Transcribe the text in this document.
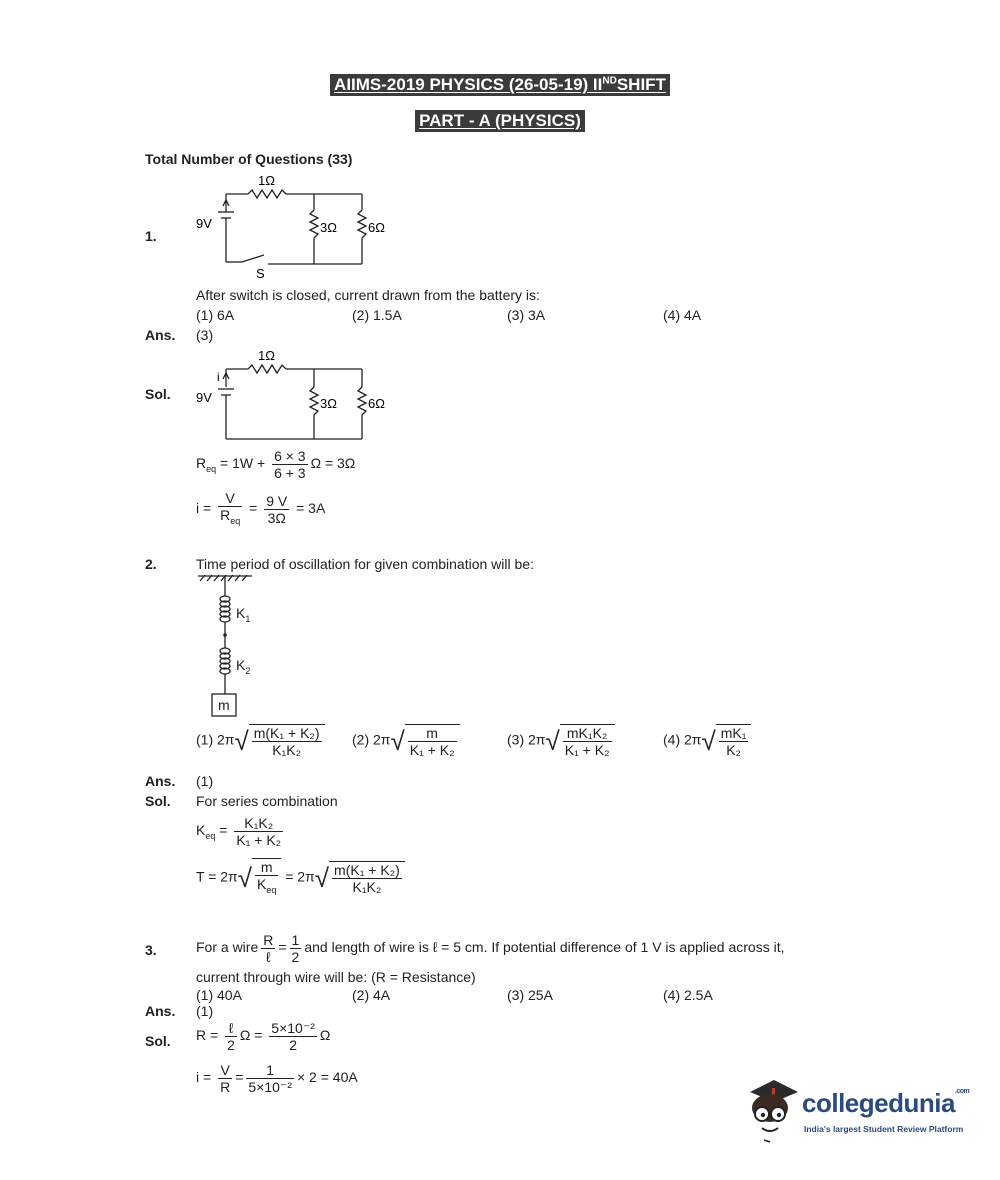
AIIMS-2019 PHYSICS (26-05-19) IINDSHIFT
PART - A (PHYSICS)
Total Number of Questions (33)
1.
1Ω
9V	3Ω 6Ω
S
After switch is closed, current drawn from the battery is:
(1) 6A	(2) 1.5A	(3) 3A	(4) 4A
Ans. (3)
Sol.
1Ω
i
9V	3Ω 6Ω
$R_{eq} = 1W + \frac{6 \times 3}{6 + 3}$ Ω = 3Ω
$i = \frac{V}{R_{eq}} = \frac{9 V}{3\Omega} = 3A$
2.	Time period of oscillation for given combination will be:
$K_1$
$K_2$
m
(1) $2\pi√ \frac{\text{m(K₁ + K₂)}}{\text{K₁K₂}} (2)$ $2\pi√ \frac{m}{\text{K₁ + K₂}}$	(3) $2\pi√ \frac{\text{mK₁K₂}}{\text{K₁ + K₂}}$	(4) $2\pi√ \frac{\text{mK₁}}{\text{K₂}}$
Ans. (1)
Sol. For series combination
$K_{eq} = \frac{\text{K₁K₂}}{\text{K₁ + K₂}}$
$T = 2\pi√ \frac{m}{K_{eq}} = 2\pi√ \frac{\text{m(K₁ + K₂)}}{\text{K₁K₂}}$
3.	For a wire $\frac{R}{\text{ℓ}} = \frac{1}{2}$ and length of wire is ℓ = 5 cm. If potential difference of 1 V is applied across it,
current through wire will be: (R = Resistance)
(1) 40A	(2) 4A	(3) 25A	(4) 2.5A
Ans. (1)
Sol. $R = \frac{\text{ℓ}}{2}$ $\Omega = \frac{\text{5×10⁻²}}{2}$ Ω
$i = \frac{V}{R} = \frac{1}{\text{5×10⁻²}} \times 2 = 40A$
collegedunia$^{.com}$
India's largest Student Review Platform
